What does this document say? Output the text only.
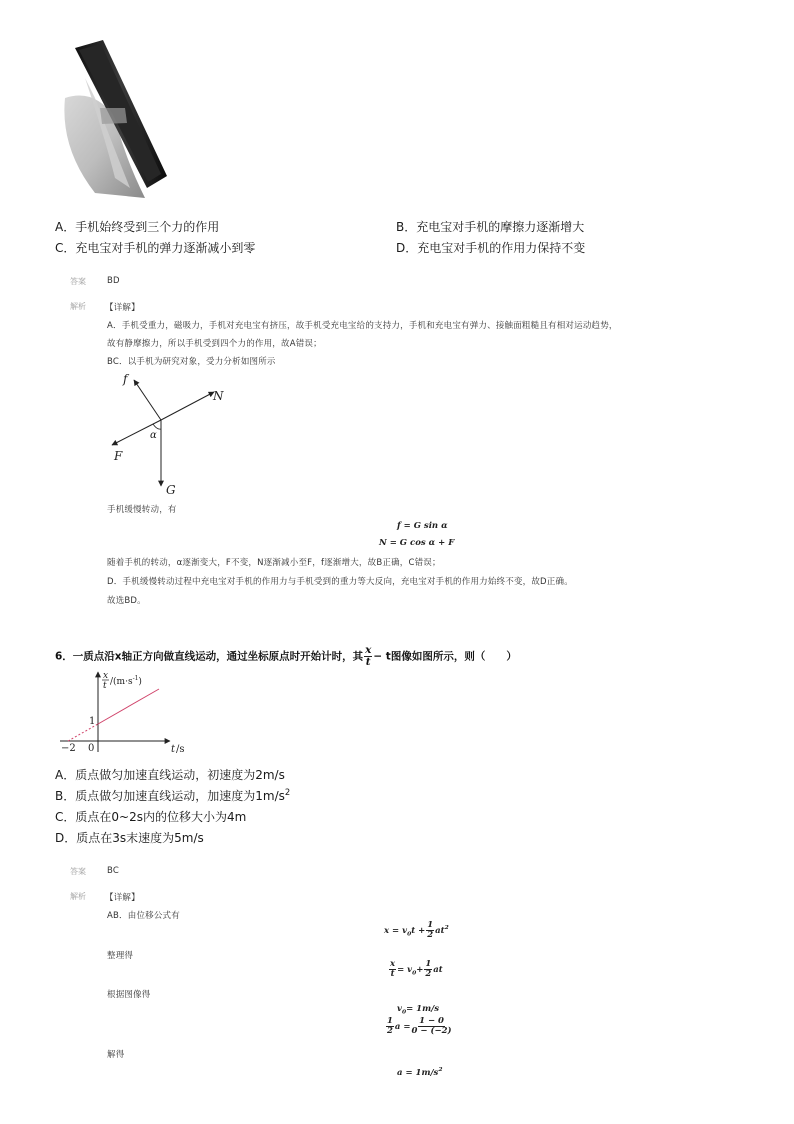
A．手机始终受到三个力的作用	B．充电宝对手机的摩擦力逐渐增大
C．充电宝对手机的弹力逐渐减小到零	D．充电宝对手机的作用力保持不变
答案 BD
解析 【详解】
A．手机受重力，磁吸力，手机对充电宝有挤压，故手机受充电宝给的支持力，手机和充电宝有弹力、接触面粗糙且有相对运动趋势，
故有静摩擦力，所以手机受到四个力的作用，故A错误；
BC．以手机为研究对象，受力分析如图所示
f
N
F
G
α
手机缓慢转动，有
f = G sin α
N = G cos α + F
随着手机的转动，α逐渐变大，F不变，N逐渐减小至F，f逐渐增大，故B正确，C错误；
D．手机缓慢转动过程中充电宝对手机的作用力与手机受到的重力等大反向，充电宝对手机的作用力始终不变，故D正确。
故选BD。
6．一质点沿x轴正方向做直线运动，通过坐标原点时开始计时，其 $\frac{x}{t} - t$图像如图所示，则（　　）
1
−2 0	t /s
x
t $/(m\cdot s^{-1})$
A．质点做匀加速直线运动，初速度为2m/s
B．质点做匀加速直线运动，加速度为$1m/s^2$
C．质点在0~2s内的位移大小为4m
D．质点在3s末速度为5m/s
答案 BC
解析 【详解】
AB．由位移公式有
$x = v_0t + \frac{1}{2} at^2$
整理得
$\frac{x}{t} = v_0+ \frac{1}{2}$ at
根据图像得
$v_0= 1m/s$
$\frac{1}{2}$ $a = \frac{1 - 0}{0 - (-2)}$
解得
$a = 1m/s^2$
